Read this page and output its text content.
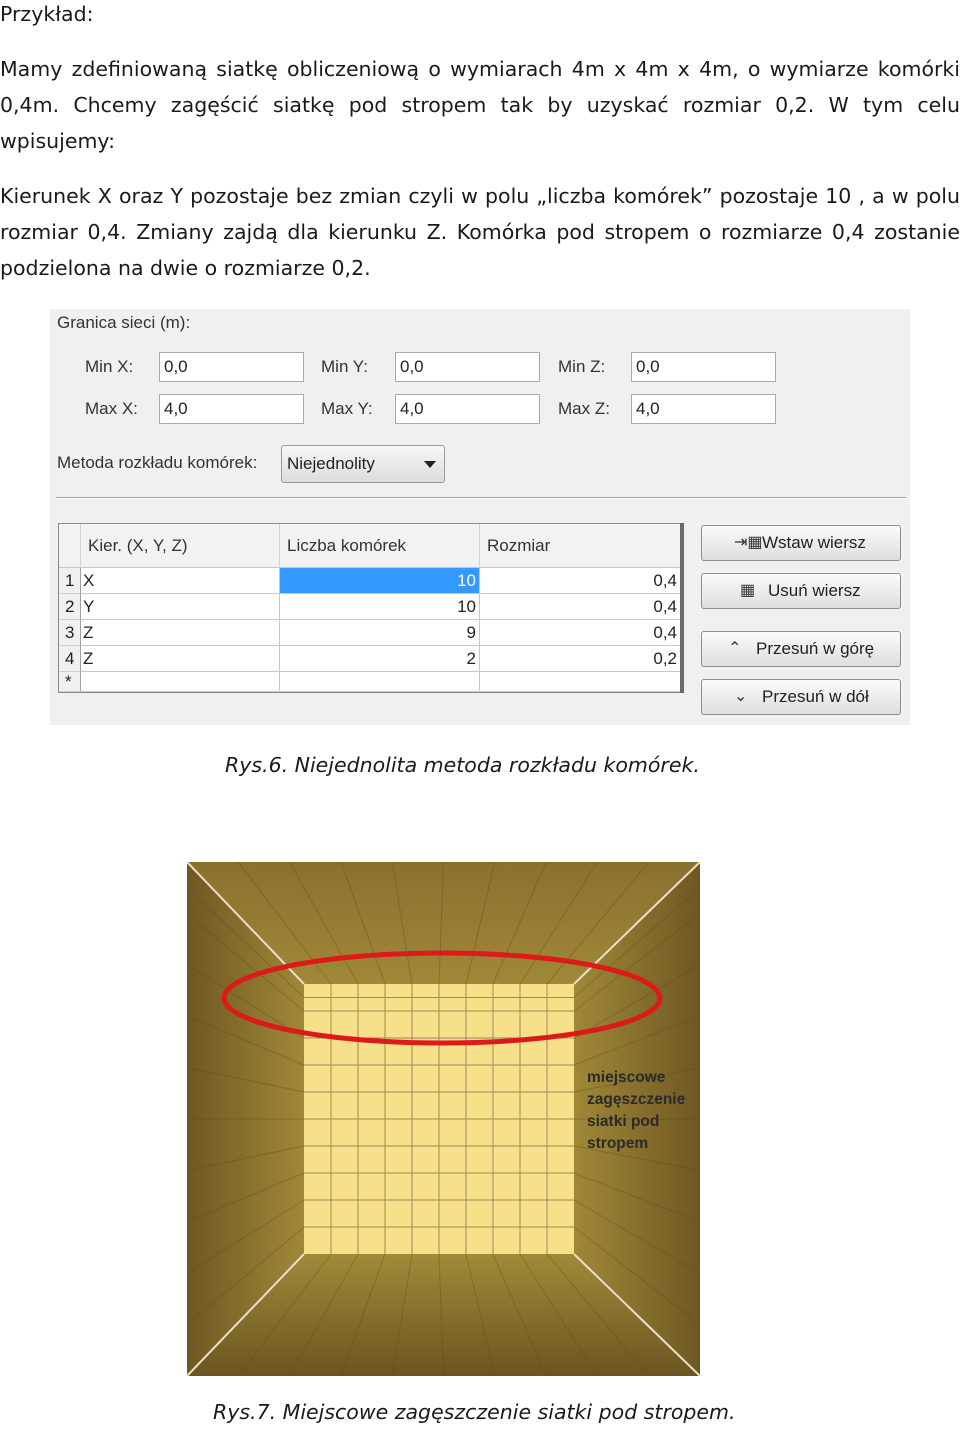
Przykład:

Mamy zdefiniowaną siatkę obliczeniową o wymiarach 4m x 4m x 4m, o wymiarze komórki

0,4m. Chcemy zagęścić siatkę pod stropem tak by uzyskać rozmiar 0,2. W tym celu

wpisujemy:

Kierunek X oraz Y pozostaje bez zmian czyli w polu „liczba komórek” pozostaje 10 , a w polu

rozmiar 0,4. Zmiany zajdą dla kierunku Z. Komórka pod stropem o rozmiarze 0,4 zostanie

podzielona na dwie o rozmiarze 0,2.

Granica sieci (m):
Min X: 0,0	Min Y: 0,0	Min Z: 0,0
Max X: 4,0	Max Y: 4,0	Max Z: 4,0
Metoda rozkładu komórek:	Niejednolity
Kier. (X, Y, Z)	Liczba komórek	Rozmiar
1 X	10	0,4
2 Y	10	0,4
3 Z	9	0,4
4 Z	2	0,2
*
⇥▦ Wstaw wiersz
▦ Usuń wiersz
⌃ Przesuń w górę
⌄ Przesuń w dół

Rys.6. Niejednolita metoda rozkładu komórek.

miejscowe zagęszczenie
siatki pod stropem

Rys.7. Miejscowe zagęszczenie siatki pod stropem.
